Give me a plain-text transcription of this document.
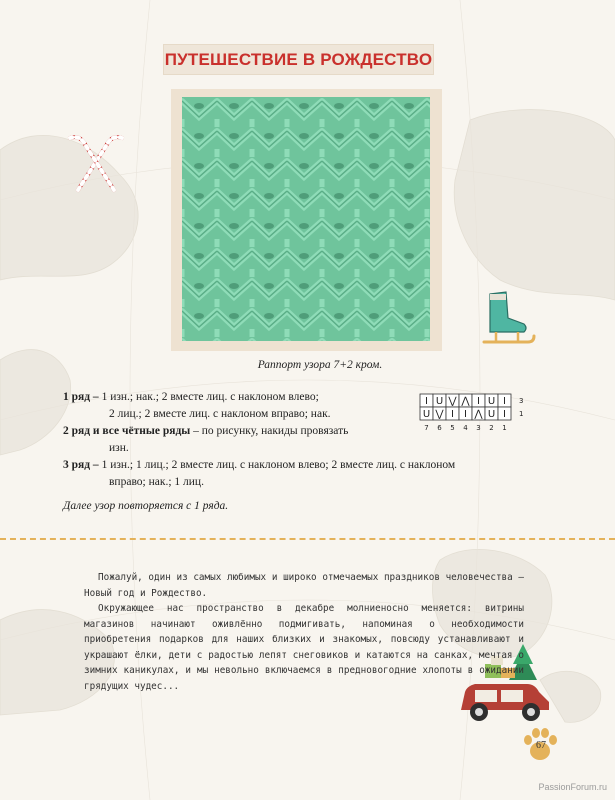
ПУТЕШЕСТВИЕ В РОЖДЕСТВО
Раппорт узора 7+2 кром.
1 ряд – 1 изн.; нак.; 2 вместе лиц. с наклоном влево;
2 лиц.; 2 вместе лиц. с наклоном вправо; нак.
2 ряд и все чётные ряды – по рисунку, накиды провязать
изн.
3 ряд – 1 изн.; 1 лиц.; 2 вместе лиц. с наклоном влево; 2 вместе лиц. с наклоном
вправо; нак.; 1 лиц.
I U ⋁ ⋀ I U I 3
U ⋁ I I ⋀ U I 1
7 6 5 4 3 2 1
Далее узор повторяется с 1 ряда.

Пожалуй, один из самых любимых и широко отмечаемых праздников человечества – Новый год и Рождество.

Окружающее нас пространство в декабре молниеносно меняется: витрины магазинов начинают оживлённо подмигивать, напоминая о необходимости приобретения подарков для наших близких и знакомых, повсюду устанавливают и украшают ёлки, дети с радостью лепят снеговиков и катаются на санках, мечтая о зимних каникулах, и мы невольно включаемся в предновогодние хлопоты в ожидании грядущих чудес...

67
PassionForum.ru
